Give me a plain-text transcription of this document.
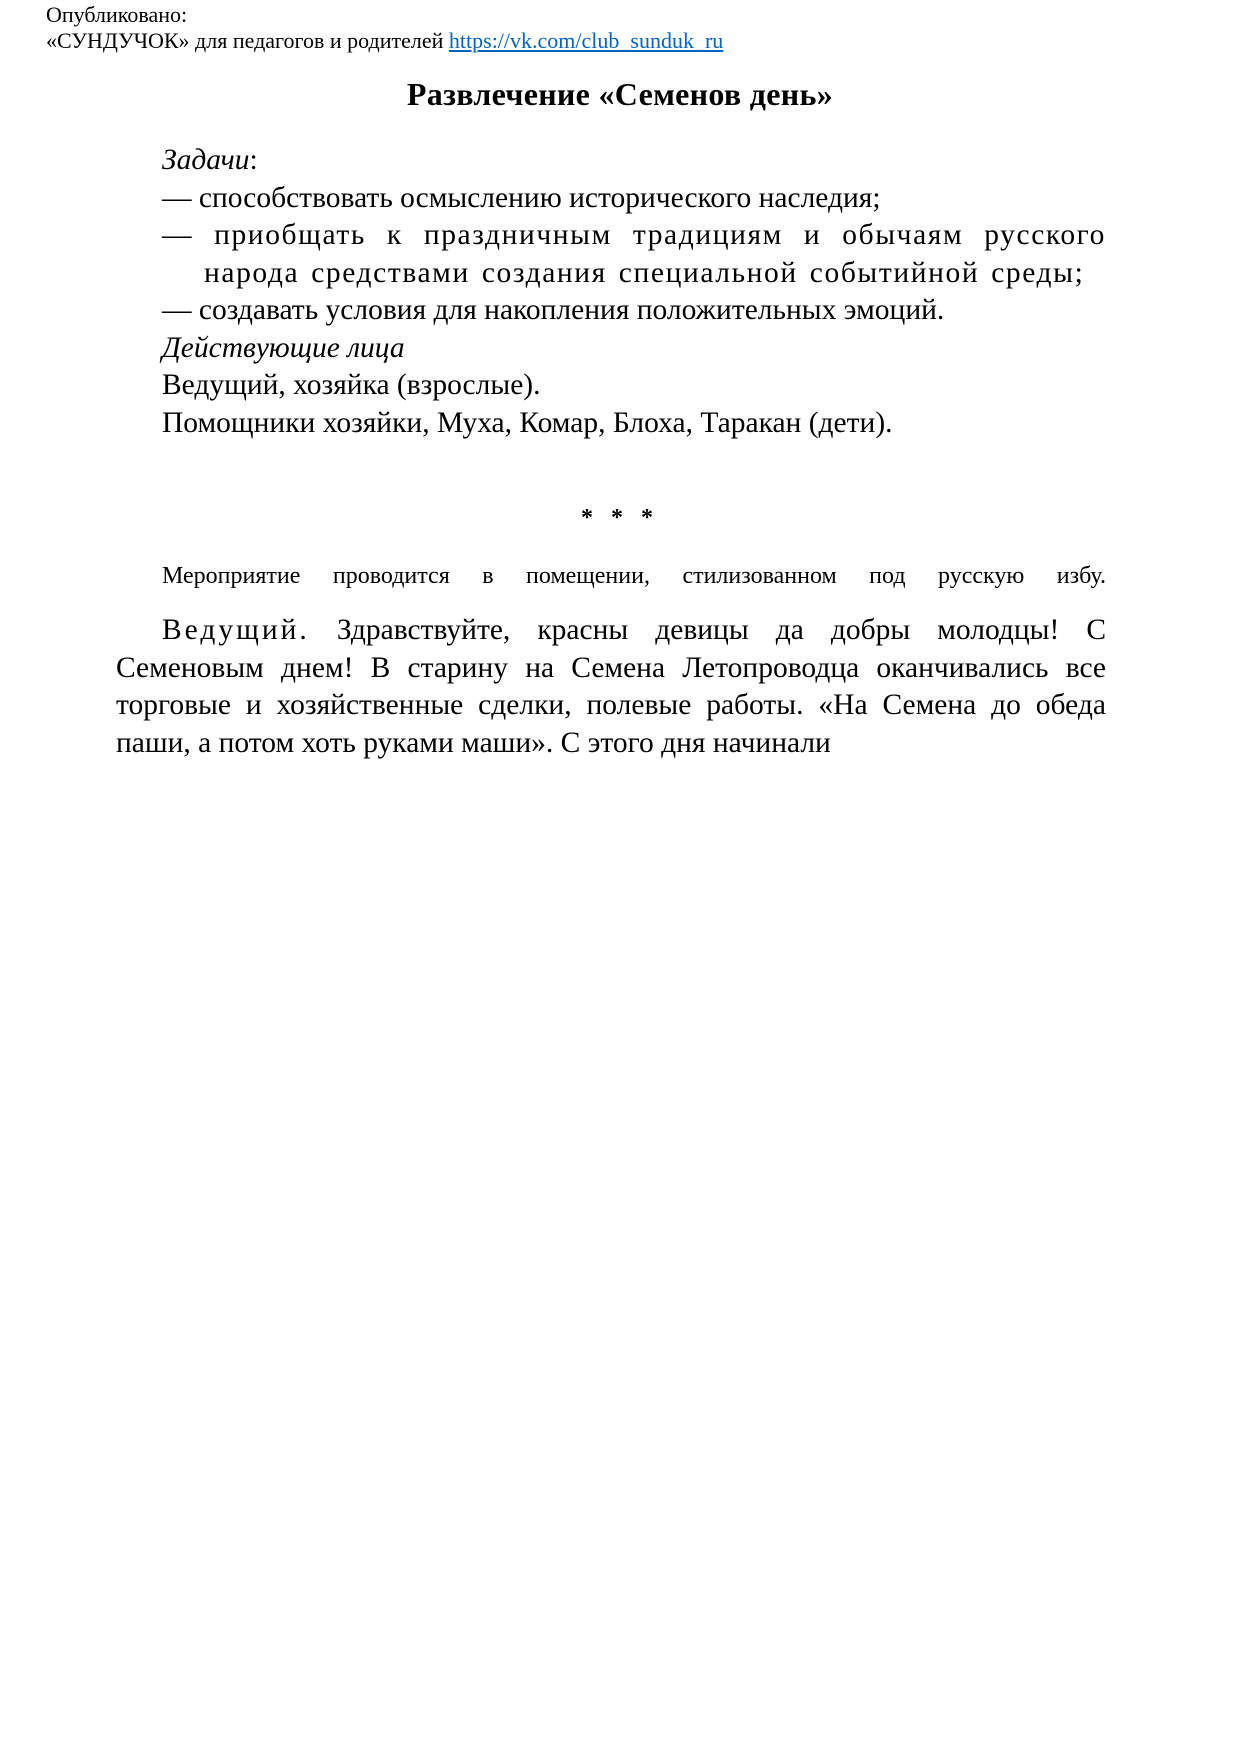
Опубликовано:
«СУНДУЧОК» для педагогов и родителей https://vk.com/club_sunduk_ru
Развлечение «Семенов день»
Задачи:
— способствовать осмыслению исторического наследия;
— приобщать к праздничным традициям и обычаям русского народа средствами создания специальной событийной среды;
— создавать условия для накопления положительных эмоций.
Действующие лица
Ведущий, хозяйка (взрослые).
Помощники хозяйки, Муха, Комар, Блоха, Таракан (дети).
* * *
Мероприятие проводится в помещении, стилизованном под русскую избу.
Ведущий. Здравствуйте, красны девицы да добры молодцы! С Семеновым днем! В старину на Семена Летопроводца оканчивались все торговые и хозяйственные сделки, полевые работы. «На Семена до обеда паши, а потом хоть руками маши». С этого дня начинали
